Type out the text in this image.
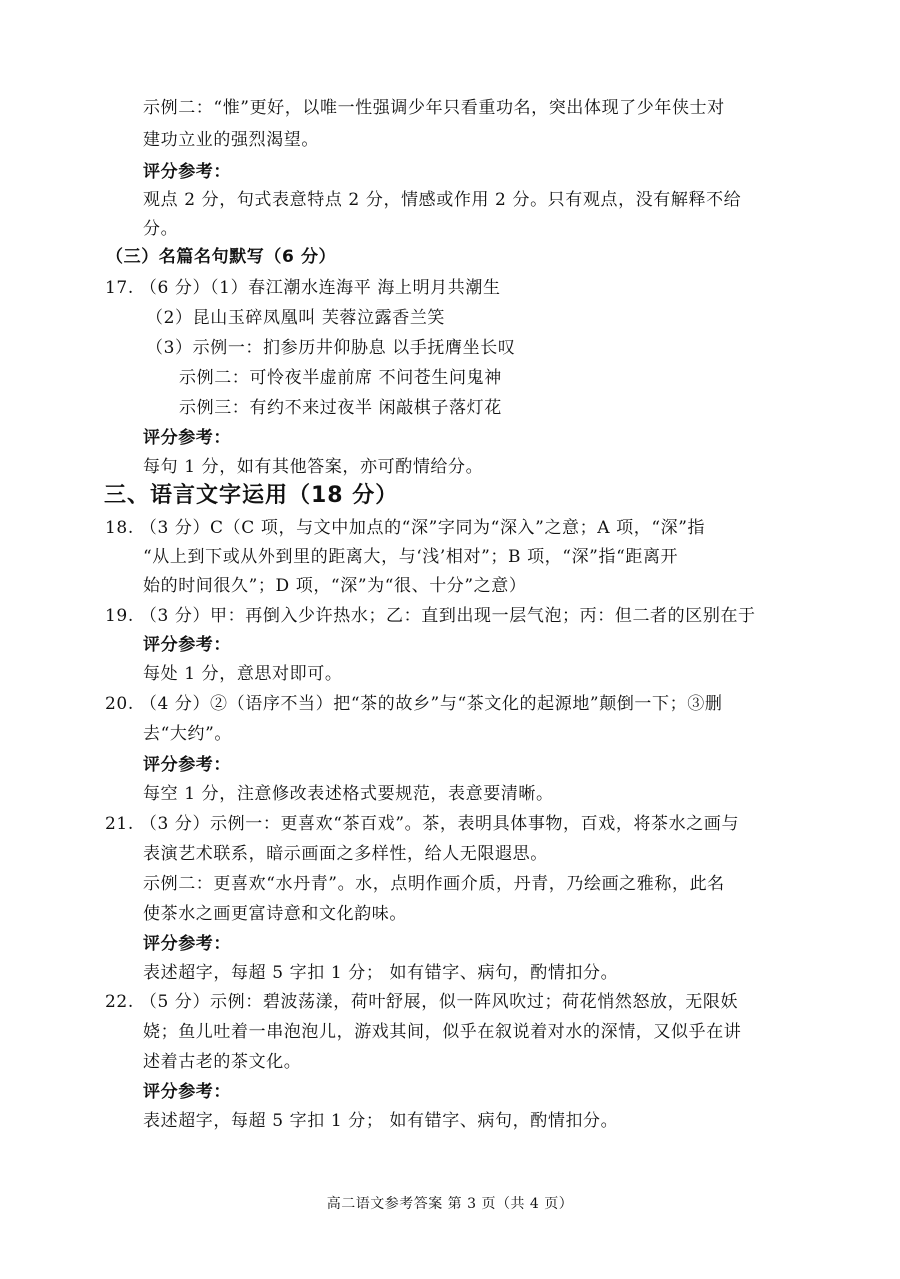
示例二：“惟”更好，以唯一性强调少年只看重功名，突出体现了少年侠士对
建功立业的强烈渴望。
评分参考：
观点 2 分，句式表意特点 2 分，情感或作用 2 分。只有观点，没有解释不给
分。
（三）名篇名句默写（6 分）
17. （6 分）（1）春江潮水连海平 海上明月共潮生
（2）昆山玉碎凤凰叫 芙蓉泣露香兰笑
（3）示例一：扪参历井仰胁息 以手抚膺坐长叹
示例二：可怜夜半虚前席 不问苍生问鬼神
示例三：有约不来过夜半 闲敲棋子落灯花
评分参考：
每句 1 分，如有其他答案，亦可酌情给分。
三、语言文字运用（18 分）
18. （3 分）C（C 项，与文中加点的“深”字同为“深入”之意；A 项，“深”指
“从上到下或从外到里的距离大，与‘浅’相对”；B 项，“深”指“距离开
始的时间很久”；D 项，“深”为“很、十分”之意）
19. （3 分）甲：再倒入少许热水；乙：直到出现一层气泡；丙：但二者的区别在于
评分参考：
每处 1 分，意思对即可。
20. （4 分）②（语序不当）把“茶的故乡”与“茶文化的起源地”颠倒一下；③删
去“大约”。
评分参考：
每空 1 分，注意修改表述格式要规范，表意要清晰。
21. （3 分）示例一：更喜欢“茶百戏”。茶，表明具体事物，百戏，将茶水之画与
表演艺术联系，暗示画面之多样性，给人无限遐思。
示例二：更喜欢“水丹青”。水，点明作画介质，丹青，乃绘画之雅称，此名
使茶水之画更富诗意和文化韵味。
评分参考：
表述超字，每超 5 字扣 1 分； 如有错字、病句，酌情扣分。
22. （5 分）示例：碧波荡漾，荷叶舒展，似一阵风吹过；荷花悄然怒放，无限妖
娆；鱼儿吐着一串泡泡儿，游戏其间，似乎在叙说着对水的深情，又似乎在讲
述着古老的茶文化。
评分参考：
表述超字，每超 5 字扣 1 分； 如有错字、病句，酌情扣分。
高二语文参考答案 第 3 页（共 4 页）
